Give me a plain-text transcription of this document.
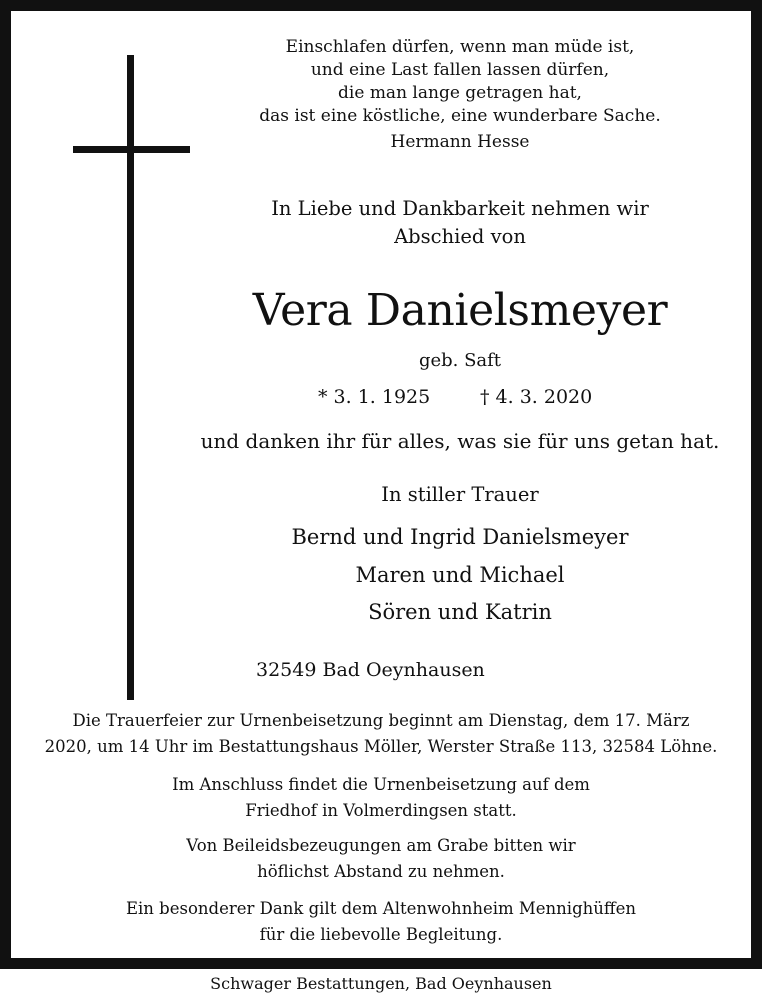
Einschlafen dürfen, wenn man müde ist,
und eine Last fallen lassen dürfen,
die man lange getragen hat,
das ist eine köstliche, eine wunderbare Sache.
Hermann Hesse
In Liebe und Dankbarkeit nehmen wir
Abschied von
Vera Danielsmeyer
geb. Saft
* 3. 1. 1925	† 4. 3. 2020
und danken ihr für alles, was sie für uns getan hat.
In stiller Trauer
Bernd und Ingrid Danielsmeyer
Maren und Michael
Sören und Katrin
32549 Bad Oeynhausen
Die Trauerfeier zur Urnenbeisetzung beginnt am Dienstag, dem 17. März
2020, um 14 Uhr im Bestattungshaus Möller, Werster Straße 113, 32584 Löhne.
Im Anschluss findet die Urnenbeisetzung auf dem
Friedhof in Volmerdingsen statt.
Von Beileidsbezeugungen am Grabe bitten wir
höflichst Abstand zu nehmen.
Ein besonderer Dank gilt dem Altenwohnheim Mennighüffen
für die liebevolle Begleitung.
Schwager Bestattungen, Bad Oeynhausen
